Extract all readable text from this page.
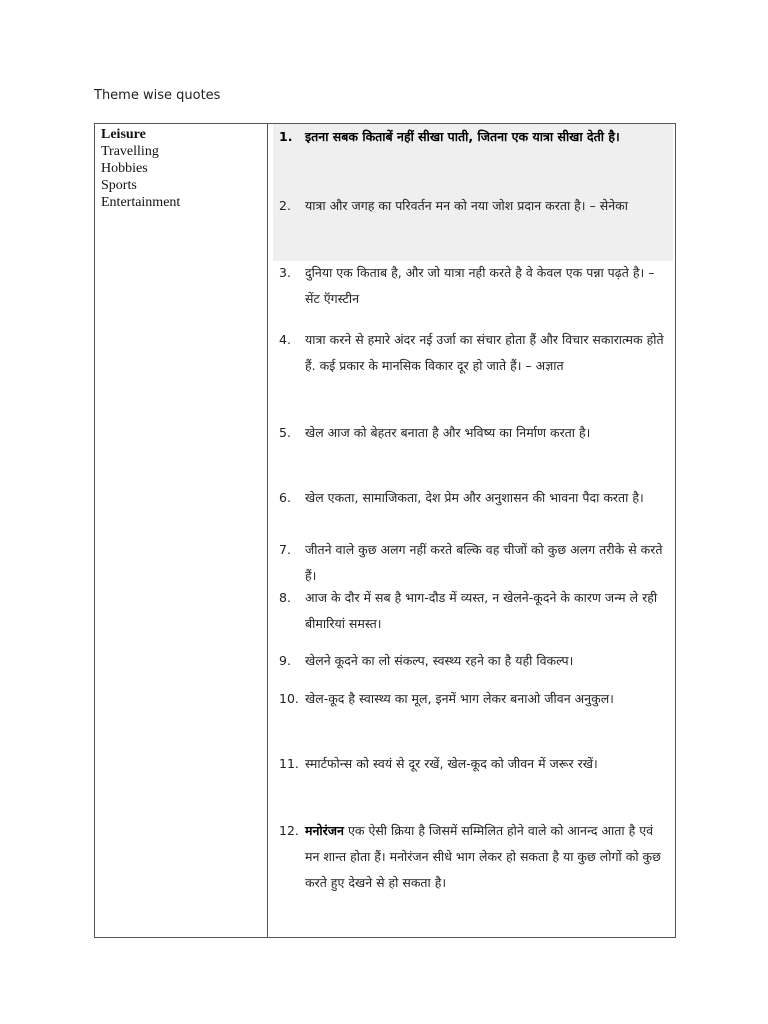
Theme wise quotes
Leisure
Travelling
Hobbies
Sports
Entertainment
1.	इतना सबक किताबें नहीं सीखा पाती, जितना एक यात्रा सीखा देती है।
2.	यात्रा और जगह का परिवर्तन मन को नया जोश प्रदान करता है। – सेनेका
3.	दुनिया एक किताब है, और जो यात्रा नही करते है वे केवल एक पन्ना पढ़ते है। – सेंट ऍगस्टीन
4.	यात्रा करने से हमारे अंदर नई उर्जा का संचार होता हैं और विचार सकारात्मक होते हैं. कई प्रकार के मानसिक विकार दूर हो जाते हैं। – अज्ञात
5.	खेल आज को बेहतर बनाता है और भविष्य का निर्माण करता है।
6.	खेल एकता, सामाजिकता, देश प्रेम और अनुशासन की भावना पैदा करता है।
7.	जीतने वाले कुछ अलग नहीं करते बल्कि वह चीजों को कुछ अलग तरीके से करते हैं।
8.	आज के दौर में सब है भाग-दौड में व्यस्त, न खेलने-कूदने के कारण जन्म ले रही बीमारियां समस्त।
9.	खेलने कूदने का लो संकल्प, स्वस्थ्य रहने का है यही विकल्प।
10. खेल-कूद है स्वास्थ्य का मूल, इनमें भाग लेकर बनाओ जीवन अनुकुल।
11. स्मार्टफोन्स को स्वयं से दूर रखें, खेल-कूद को जीवन में जरूर रखें।
12. मनोरंजन एक ऐसी क्रिया है जिसमें सम्मिलित होने वाले को आनन्द आता है एवं मन शान्त होता हैं। मनोरंजन सीधे भाग लेकर हो सकता है या कुछ लोगों को कुछ करते हुए देखने से हो सकता है।
